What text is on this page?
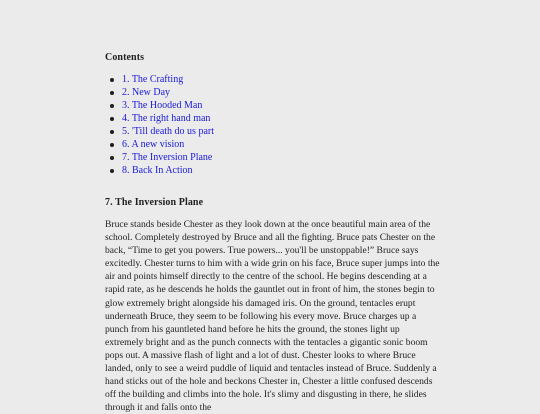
Contents
1. The Crafting
2. New Day
3. The Hooded Man
4. The right hand man
5. 'Till death do us part
6. A new vision
7. The Inversion Plane
8. Back In Action
7. The Inversion Plane

Bruce stands beside Chester as they look down at the once beautiful main area of the school. Completely destroyed by Bruce and all the fighting. Bruce pats Chester on the back, “Time to get you powers. True powers... you'll be unstoppable!” Bruce says excitedly. Chester turns to him with a wide grin on his face, Bruce super jumps into the air and points himself directly to the centre of the school. He begins descending at a rapid rate, as he descends he holds the gauntlet out in front of him, the stones begin to glow extremely bright alongside his damaged iris. On the ground, tentacles erupt underneath Bruce, they seem to be following his every move. Bruce charges up a punch from his gauntleted hand before he hits the ground, the stones light up extremely bright and as the punch connects with the tentacles a gigantic sonic boom pops out. A massive flash of light and a lot of dust. Chester looks to where Bruce landed, only to see a weird puddle of liquid and tentacles instead of Bruce. Suddenly a hand sticks out of the hole and beckons Chester in, Chester a little confused descends off the building and climbs into the hole. It's slimy and disgusting in there, he slides through it and falls onto the
